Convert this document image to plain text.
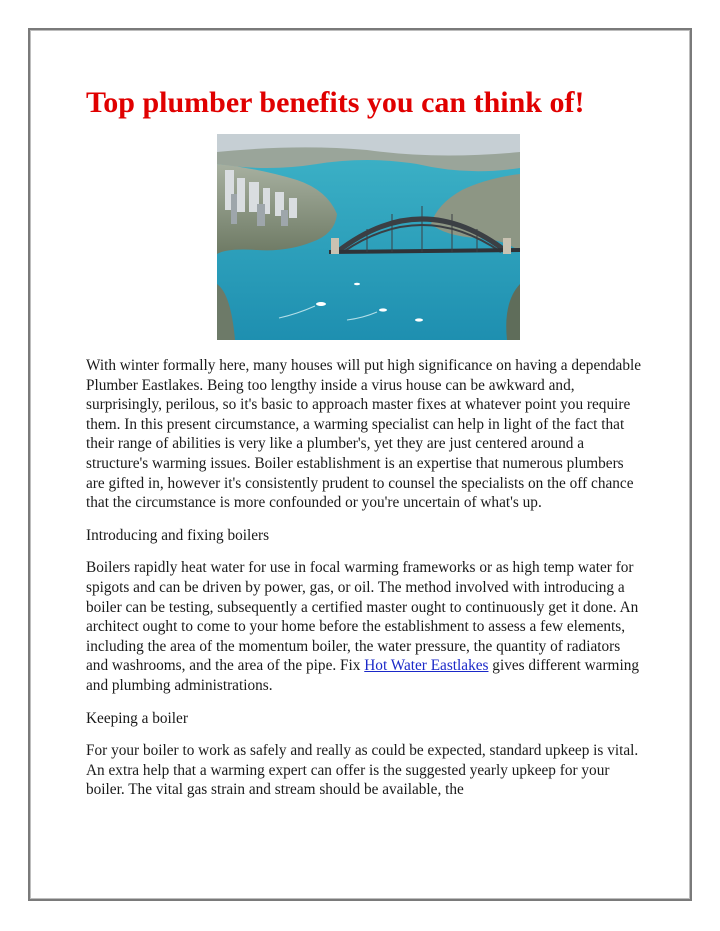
Top plumber benefits you can think of!

With winter formally here, many houses will put high significance on having a dependable Plumber Eastlakes. Being too lengthy inside a virus house can be awkward and, surprisingly, perilous, so it's basic to approach master fixes at whatever point you require them. In this present circumstance, a warming specialist can help in light of the fact that their range of abilities is very like a plumber's, yet they are just centered around a structure's warming issues. Boiler establishment is an expertise that numerous plumbers are gifted in, however it's consistently prudent to counsel the specialists on the off chance that the circumstance is more confounded or you're uncertain of what's up.

Introducing and fixing boilers

Boilers rapidly heat water for use in focal warming frameworks or as high temp water for spigots and can be driven by power, gas, or oil. The method involved with introducing a boiler can be testing, subsequently a certified master ought to continuously get it done. An architect ought to come to your home before the establishment to assess a few elements, including the area of the momentum boiler, the water pressure, the quantity of radiators and washrooms, and the area of the pipe. Fix Hot Water Eastlakes gives different warming and plumbing administrations.

Keeping a boiler

For your boiler to work as safely and really as could be expected, standard upkeep is vital. An extra help that a warming expert can offer is the suggested yearly upkeep for your boiler. The vital gas strain and stream should be available, the
